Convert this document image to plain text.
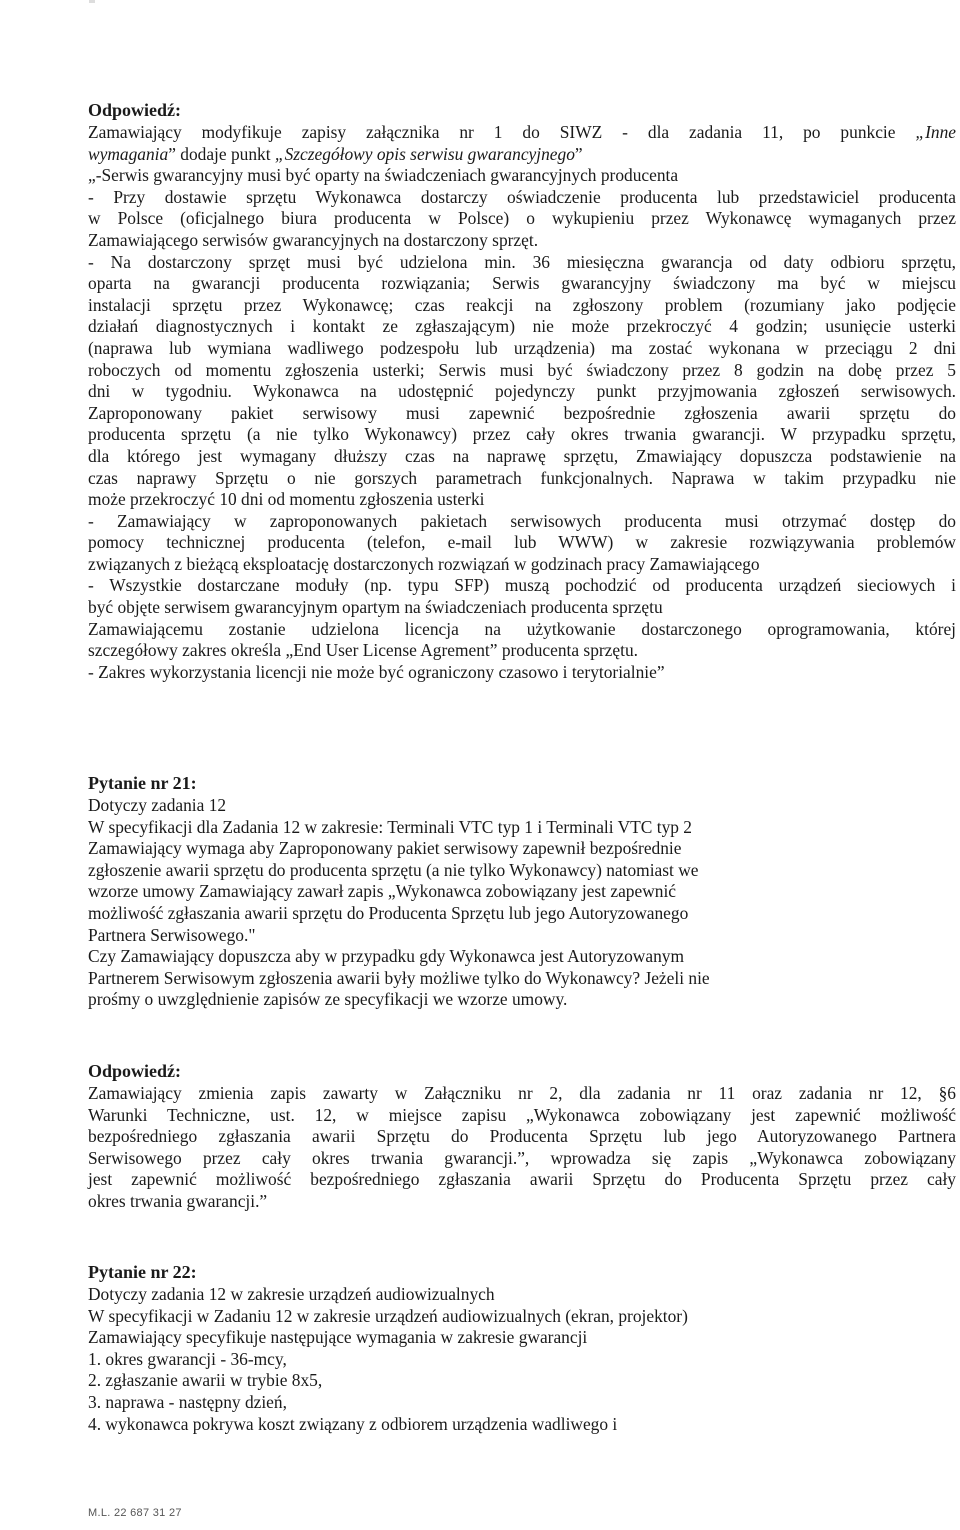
Odpowiedź:
Zamawiający modyfikuje zapisy załącznika nr 1 do SIWZ - dla zadania 11, po punkcie „Inne
wymagania” dodaje punkt „Szczegółowy opis serwisu gwarancyjnego”
„-Serwis gwarancyjny musi być oparty na świadczeniach gwarancyjnych producenta
- Przy dostawie sprzętu Wykonawca dostarczy oświadczenie producenta lub przedstawiciel producenta
w Polsce (oficjalnego biura producenta w Polsce) o wykupieniu przez Wykonawcę wymaganych przez
Zamawiającego serwisów gwarancyjnych na dostarczony sprzęt.
- Na dostarczony sprzęt musi być udzielona min. 36 miesięczna gwarancja od daty odbioru sprzętu,
oparta na gwarancji producenta rozwiązania; Serwis gwarancyjny świadczony ma być w miejscu
instalacji sprzętu przez Wykonawcę; czas reakcji na zgłoszony problem (rozumiany jako podjęcie
działań diagnostycznych i kontakt ze zgłaszającym) nie może przekroczyć 4 godzin; usunięcie usterki
(naprawa lub wymiana wadliwego podzespołu lub urządzenia) ma zostać wykonana w przeciągu 2 dni
roboczych od momentu zgłoszenia usterki; Serwis musi być świadczony przez 8 godzin na dobę przez 5
dni w tygodniu. Wykonawca na udostępnić pojedynczy punkt przyjmowania zgłoszeń serwisowych.
Zaproponowany pakiet serwisowy musi zapewnić bezpośrednie zgłoszenia awarii sprzętu do
producenta sprzętu (a nie tylko Wykonawcy) przez cały okres trwania gwarancji. W przypadku sprzętu,
dla którego jest wymagany dłuższy czas na naprawę sprzętu, Zmawiający dopuszcza podstawienie na
czas naprawy Sprzętu o nie gorszych parametrach funkcjonalnych. Naprawa w takim przypadku nie
może przekroczyć 10 dni od momentu zgłoszenia usterki
- Zamawiający w zaproponowanych pakietach serwisowych producenta musi otrzymać dostęp do
pomocy technicznej producenta (telefon, e-mail lub WWW) w zakresie rozwiązywania problemów
związanych z bieżącą eksploatację dostarczonych rozwiązań w godzinach pracy Zamawiającego
- Wszystkie dostarczane moduły (np. typu SFP) muszą pochodzić od producenta urządzeń sieciowych i
być objęte serwisem gwarancyjnym opartym na świadczeniach producenta sprzętu
Zamawiającemu zostanie udzielona licencja na użytkowanie dostarczonego oprogramowania, której
szczegółowy zakres określa „End User License Agrement” producenta sprzętu.
- Zakres wykorzystania licencji nie może być ograniczony czasowo i terytorialnie”
Pytanie nr 21:
Dotyczy zadania 12
W specyfikacji dla Zadania 12 w zakresie: Terminali VTC typ 1 i Terminali VTC typ 2
Zamawiający wymaga aby Zaproponowany pakiet serwisowy zapewnił bezpośrednie
zgłoszenie awarii sprzętu do producenta sprzętu (a nie tylko Wykonawcy) natomiast we
wzorze umowy Zamawiający zawarł zapis „Wykonawca zobowiązany jest zapewnić
możliwość zgłaszania awarii sprzętu do Producenta Sprzętu lub jego Autoryzowanego
Partnera Serwisowego."
Czy Zamawiający dopuszcza aby w przypadku gdy Wykonawca jest Autoryzowanym
Partnerem Serwisowym zgłoszenia awarii były możliwe tylko do Wykonawcy? Jeżeli nie
prośmy o uwzględnienie zapisów ze specyfikacji we wzorze umowy.
Odpowiedź:
Zamawiający zmienia zapis zawarty w Załączniku nr 2, dla zadania nr 11 oraz zadania nr 12, §6
Warunki Techniczne, ust. 12, w miejsce zapisu „Wykonawca zobowiązany jest zapewnić możliwość
bezpośredniego zgłaszania awarii Sprzętu do Producenta Sprzętu lub jego Autoryzowanego Partnera
Serwisowego przez cały okres trwania gwarancji.”, wprowadza się zapis „Wykonawca zobowiązany
jest zapewnić możliwość bezpośredniego zgłaszania awarii Sprzętu do Producenta Sprzętu przez cały
okres trwania gwarancji.”
Pytanie nr 22:
Dotyczy zadania 12 w zakresie urządzeń audiowizualnych
W specyfikacji w Zadaniu 12 w zakresie urządzeń audiowizualnych (ekran, projektor)
Zamawiający specyfikuje następujące wymagania w zakresie gwarancji
1. okres gwarancji - 36-mcy,
2. zgłaszanie awarii w trybie 8x5,
3. naprawa - następny dzień,
4. wykonawca pokrywa koszt związany z odbiorem urządzenia wadliwego i
M.L. 22 687 31 27
